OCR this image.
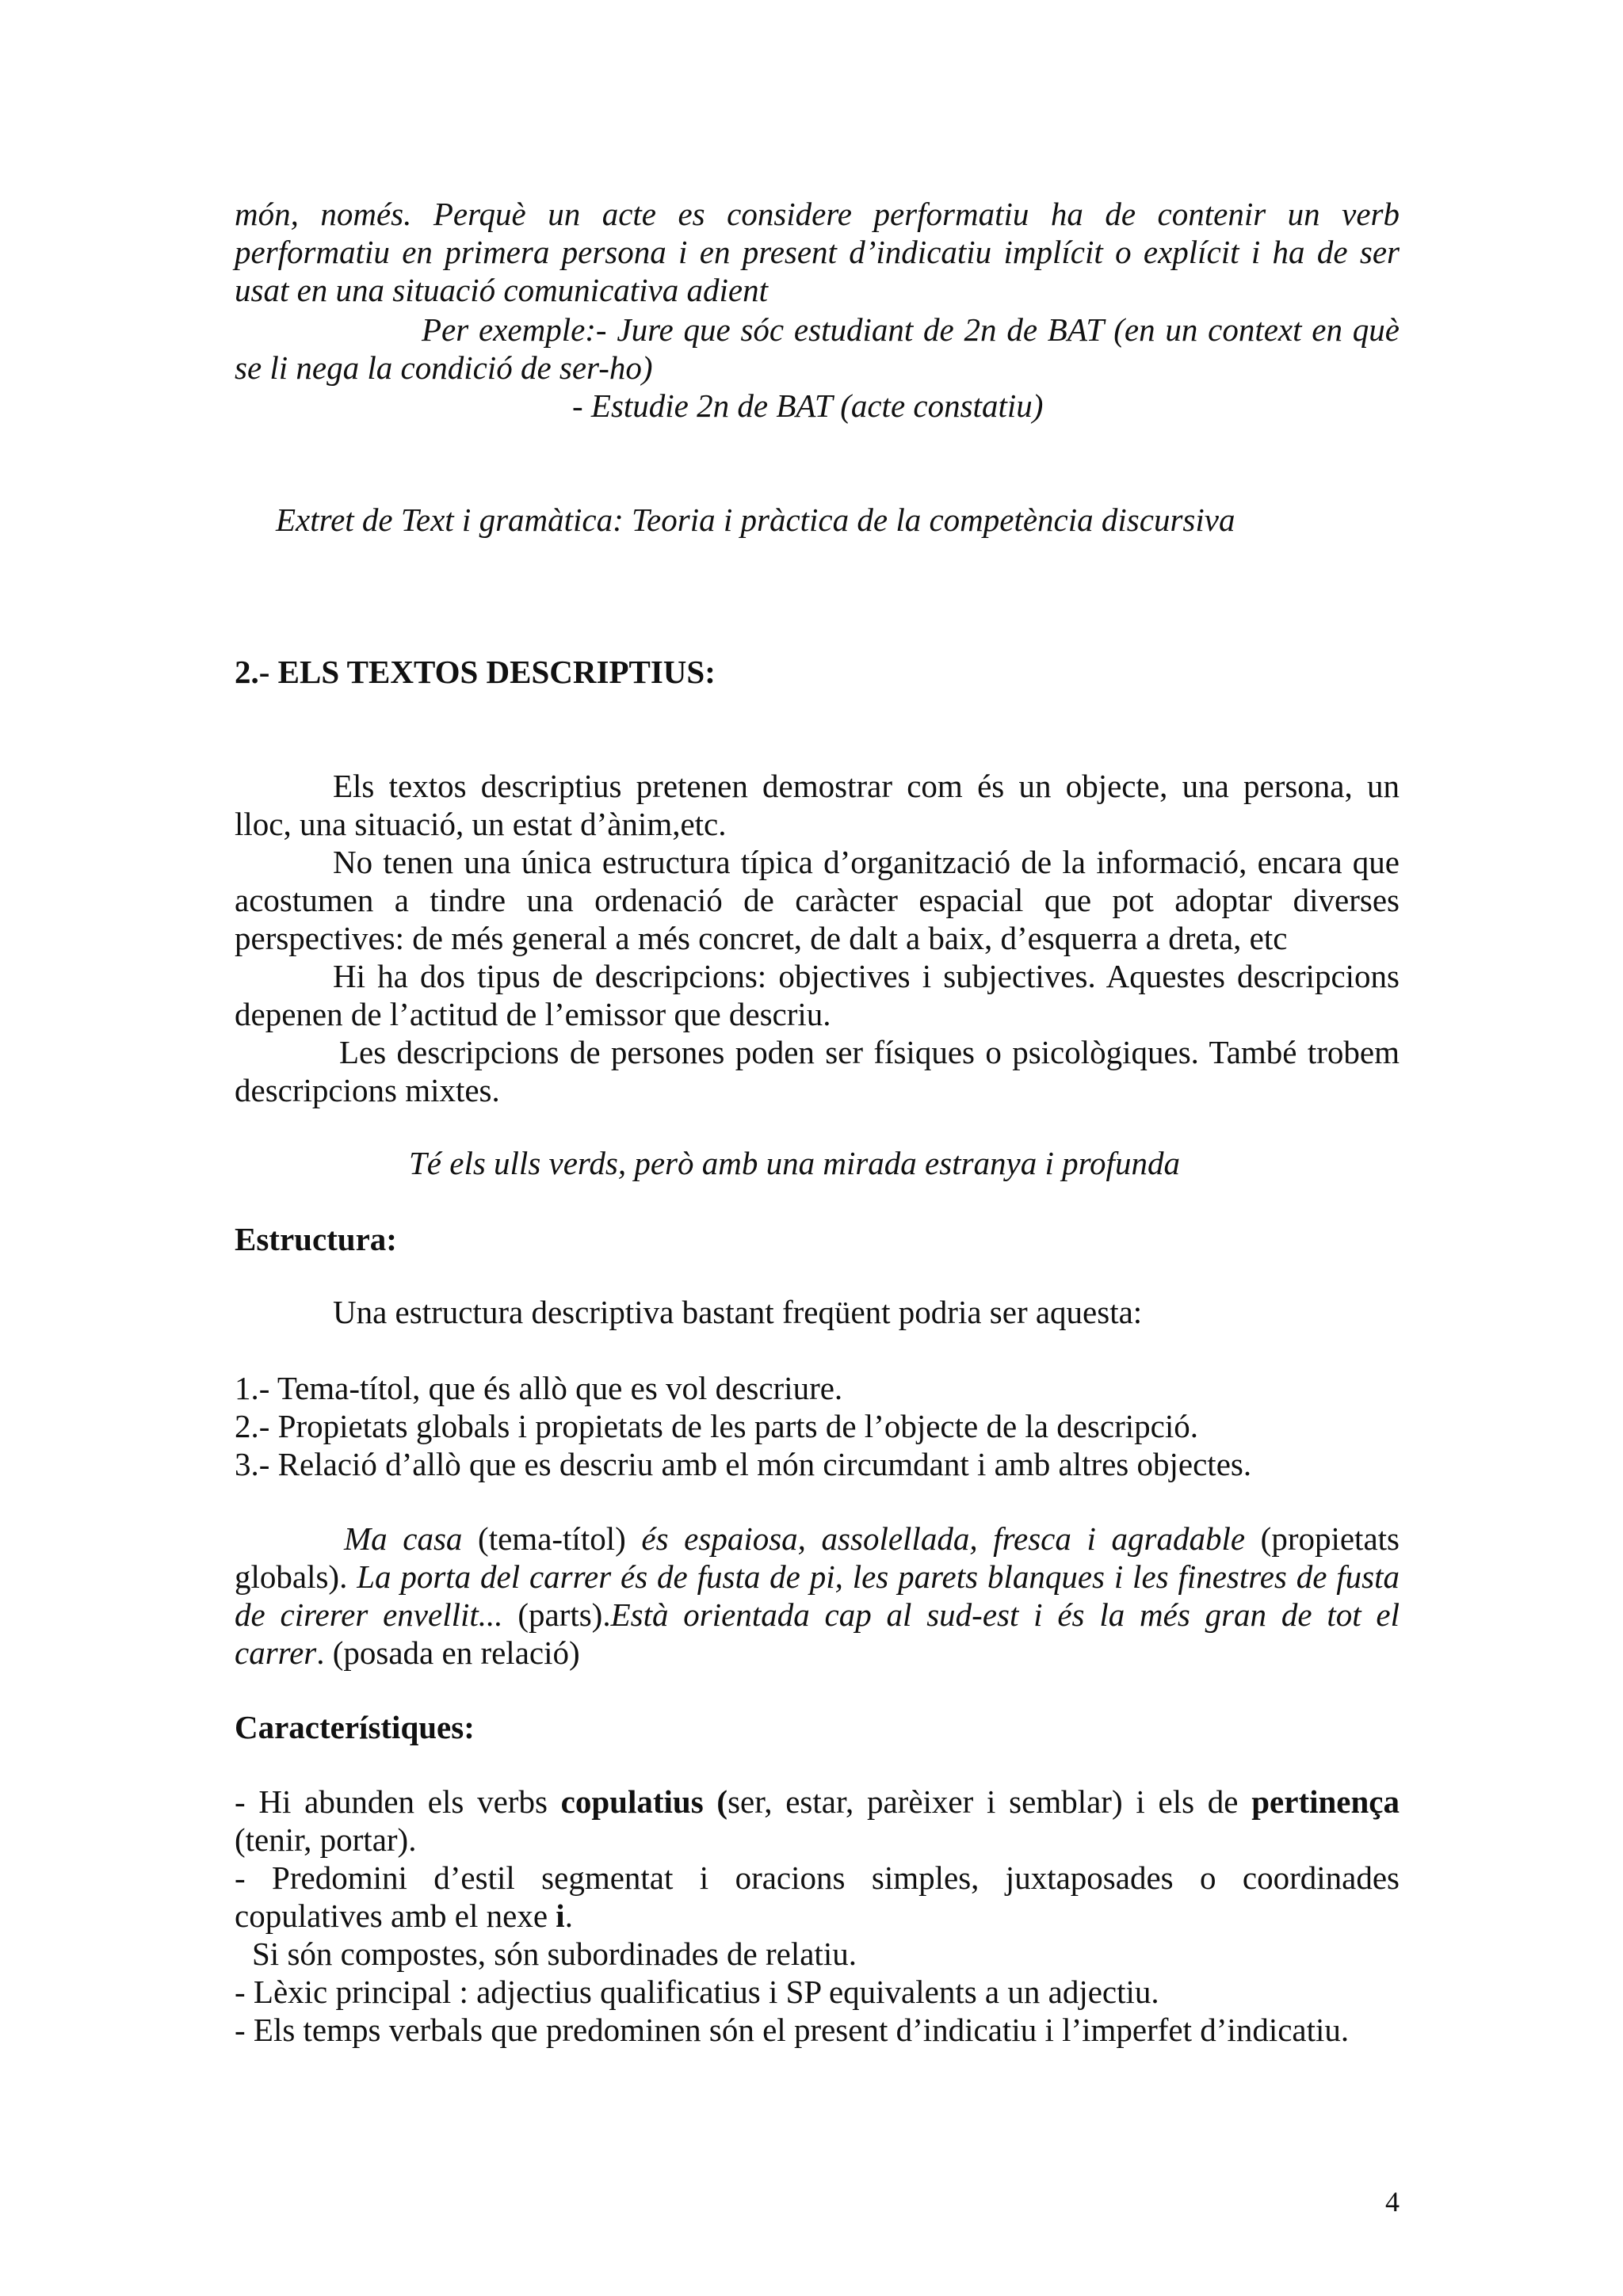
món, només. Perquè un acte es considere performatiu ha de contenir un verb
performatiu en primera persona i en present d’indicatiu implícit o explícit i ha de ser
usat en una situació comunicativa adient
Per exemple:- Jure que sóc estudiant de 2n de BAT (en un context en què
se li nega la condició de ser-ho)
- Estudie 2n de BAT (acte constatiu)
Extret de Text i gramàtica: Teoria i pràctica de la competència discursiva
2.- ELS TEXTOS DESCRIPTIUS:
Els textos descriptius pretenen demostrar com és un objecte, una persona, un
lloc, una situació, un estat d’ànim,etc.
No tenen una única estructura típica d’organització de la informació, encara que
acostumen a tindre una ordenació de caràcter espacial que pot adoptar diverses
perspectives: de més general a més concret, de dalt a baix, d’esquerra a dreta, etc
Hi ha dos tipus de descripcions: objectives i subjectives. Aquestes descripcions
depenen de l’actitud de l’emissor que descriu.
Les descripcions de persones poden ser físiques o psicològiques. També trobem
descripcions mixtes.
Té els ulls verds, però amb una mirada estranya i profunda
Estructura:
Una estructura descriptiva bastant freqüent podria ser aquesta:
1.- Tema-títol, que és allò que es vol descriure.
2.- Propietats globals i propietats de les parts de l’objecte de la descripció.
3.- Relació d’allò que es descriu amb el món circumdant i amb altres objectes.
Ma casa (tema-títol) és espaiosa, assolellada, fresca i agradable (propietats
globals). La porta del carrer és de fusta de pi, les parets blanques i les finestres de fusta
de cirerer envellit... (parts).Està orientada cap al sud-est i és la més gran de tot el
carrer. (posada en relació)
Característiques:
- Hi abunden els verbs copulatius (ser, estar, parèixer i semblar) i els de pertinença
(tenir, portar).
- Predomini d’estil segmentat i oracions simples, juxtaposades o coordinades
copulatives amb el nexe i.
Si són compostes, són subordinades de relatiu.
- Lèxic principal : adjectius qualificatius i SP equivalents a un adjectiu.
- Els temps verbals que predominen són el present d’indicatiu i l’imperfet d’indicatiu.
4
